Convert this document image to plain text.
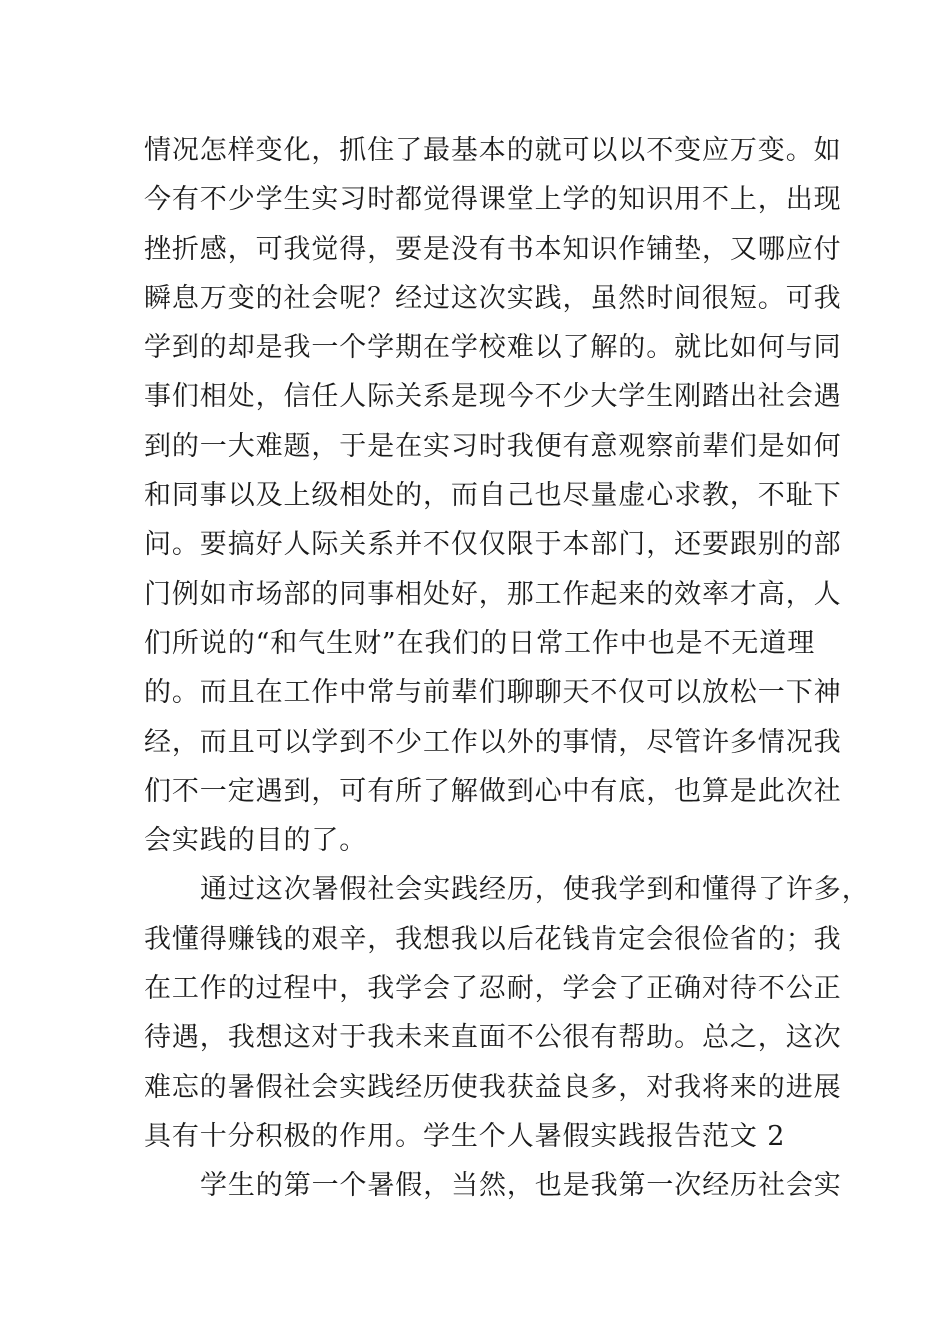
情况怎样变化，抓住了最基本的就可以以不变应万变。如
今有不少学生实习时都觉得课堂上学的知识用不上，出现
挫折感，可我觉得，要是没有书本知识作铺垫，又哪应付
瞬息万变的社会呢？经过这次实践，虽然时间很短。可我
学到的却是我一个学期在学校难以了解的。就比如何与同
事们相处，信任人际关系是现今不少大学生刚踏出社会遇
到的一大难题，于是在实习时我便有意观察前辈们是如何
和同事以及上级相处的，而自己也尽量虚心求教，不耻下
问。要搞好人际关系并不仅仅限于本部门，还要跟别的部
门例如市场部的同事相处好，那工作起来的效率才高，人
们所说的“和气生财”在我们的日常工作中也是不无道理
的。而且在工作中常与前辈们聊聊天不仅可以放松一下神
经，而且可以学到不少工作以外的事情，尽管许多情况我
们不一定遇到，可有所了解做到心中有底，也算是此次社
会实践的目的了。
通过这次暑假社会实践经历，使我学到和懂得了许多，
我懂得赚钱的艰辛，我想我以后花钱肯定会很俭省的；我
在工作的过程中，我学会了忍耐，学会了正确对待不公正
待遇，我想这对于我未来直面不公很有帮助。总之，这次
难忘的暑假社会实践经历使我获益良多，对我将来的进展
具有十分积极的作用。学生个人暑假实践报告范文 2
学生的第一个暑假，当然，也是我第一次经历社会实
